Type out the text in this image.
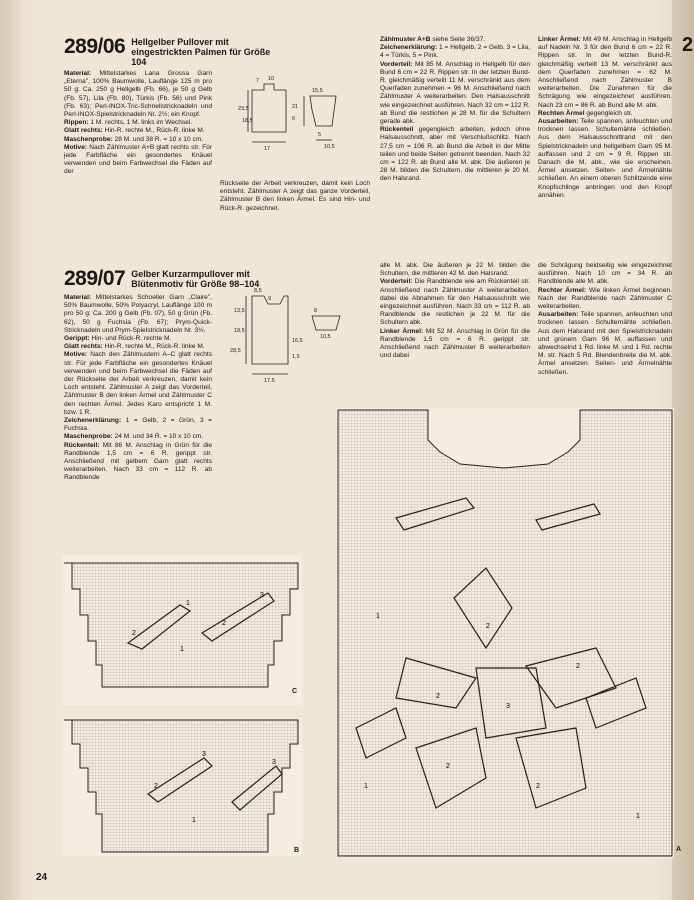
2
289/06 Hellgelber Pullover mit eingestrickten Palmen für Größe 104

Material: Mittelstarkes Lana Grossa Garn „Eterna", 100% Baumwolle, Lauflänge 125 m pro 50 g: Ca. 250 g Hellgelb (Fb. 66), je 50 g Gelb (Fb. 57), Lila (Fb. 80), Türkis (Fb. 56) und Pink (Fb. 63); Perl-INOX-Tric-Schnellstricknadeln und Perl-INOX-Spielstricknadeln Nr. 2½; ein Knopf.

Rippen: 1 M. rechts, 1 M. links im Wechsel.

Glatt rechts: Hin-R. rechte M., Rück-R. linke M.

Maschenprobe: 28 M. und 38 R. = 10 x 10 cm.

Motive: Nach Zählmuster A+B glatt rechts str. Für jede Farbfläche ein gesondertes Knäuel verwenden und beim Farbwechsel die Fäden auf der

7 10
15,5
23,5
18,5
21
6
17
5
10,5

Rückseite der Arbeit verkreuzen, damit kein Loch entsteht. Zählmuster A zeigt das ganze Vorderteil, Zählmuster B den linken Ärmel. Es sind Hin- und Rück-R. gezeichnet.

Zählmuster A+B siehe Seite 36/37.

Zeichenerklärung: 1 = Hellgelb, 2 = Gelb, 3 = Lila, 4 = Türkis, 5 = Pink.

Vorderteil: Mit 85 M. Anschlag in Hellgelb für den Bund 6 cm = 22 R. Rippen str. In der letzten Bund-R. gleichmäßig verteilt 11 M. verschränkt aus dem Querfaden zunehmen = 96 M. Anschließend nach Zählmuster A weiterarbeiten. Den Halsausschnitt wie eingezeichnet ausführen. Nach 32 cm = 122 R. ab Bund die restlichen je 28 M. für die Schultern gerade abk.

Rückenteil gegengleich arbeiten, jedoch ohne Halsausschnitt, aber mit Verschlußschlitz. Nach 27,5 cm = 106 R. ab Bund die Arbeit in der Mitte teilen und beide Seiten getrennt beenden. Nach 32 cm = 122 R. ab Bund alle M. abk. Die äußeren je 28 M. bilden die Schultern, die mittleren je 20 M. den Halsrand.

Linker Ärmel: Mit 49 M. Anschlag in Hellgelb auf Nadeln Nr. 3 für den Bund 6 cm = 22 R. Rippen str. In der letzten Bund-R. gleichmäßig verteilt 13 M. verschränkt aus dem Querfaden zunehmen = 62 M. Anschließend nach Zählmuster B weiterarbeiten. Die Zunahmen für die Schrägung wie eingezeichnet ausführen. Nach 23 cm = 86 R. ab Bund alle M. abk.

Rechten Ärmel gegengleich str.

Ausarbeiten: Teile spannen, anfeuchten und trocknen lassen. Schulternähte schließen. Aus dem Halsausschnittrand mit den Spielstricknadeln und hellgelbem Garn 95 M. auffassen und 2 cm = 9 R. Rippen str. Danach die M. abk., wie sie erscheinen. Ärmel ansetzen. Seiten- und Ärmelnähte schließen. An einem oberen Schlitzende eine Knopfschlinge anbringen und den Knopf annähen.

289/07 Gelber Kurzarmpullover mit Blütenmotiv für Größe 98–104

Material: Mittelstarkes Schoeller Garn „Claire", 50% Baumwolle, 50% Polyacryl, Lauflänge 100 m pro 50 g: Ca. 200 g Gelb (Fb. 07), 50 g Grün (Fb. 62), 50 g Fuchsia (Fb. 67); Prym-Quick-Stricknadeln und Prym-Spielstricknadeln Nr. 3½.

Gerippt: Hin- und Rück-R. rechte M.

Glatt rechts: Hin-R. rechte M., Rück-R. linke M.

Motive: Nach den Zählmustern A–C glatt rechts str. Für jede Farbfläche ein gesondertes Knäuel verwenden und beim Farbwechsel die Fäden auf der Rückseite der Arbeit verkreuzen, damit kein Loch entsteht. Zählmuster A zeigt das Vorderteil, Zählmuster B den linken Ärmel und Zählmuster C den rechten Ärmel. Jedes Karo entspricht 1 M. bzw. 1 R.

Zeichenerklärung: 1 = Gelb, 2 = Grün, 3 = Fuchsia.

Maschenprobe: 24 M. und 34 R. = 10 x 10 cm.

Rückenteil: Mit 86 M. Anschlag in Grün für die Randblende 1,5 cm = 6 R. gerippt str. Anschließend mit gelbem Garn glatt rechts weiterarbeiten. Nach 33 cm = 112 R. ab Randblende

8,5
9
13,5
18,5
8
28,5
16,5
1,5
17,5
10,5

alle M. abk. Die äußeren je 22 M. bilden die Schultern, die mittleren 42 M. den Halsrand.

Vorderteil: Die Randblende wie am Rückenteil str. Anschließend nach Zählmuster A weiterarbeiten, dabei die Abnahmen für den Halsausschnitt wie eingezeichnet ausführen. Nach 33 cm = 112 R. ab Randblende die restlichen je 22 M. für die Schultern abk.

Linker Ärmel: Mit 52 M. Anschlag in Grün für die Randblende 1,5 cm = 6 R. gerippt str. Anschließend nach Zählmuster B weiterarbeiten und dabei

die Schrägung beidseitig wie eingezeichnet ausführen. Nach 10 cm = 34 R. ab Randblende alle M. abk.

Rechter Ärmel: Wie linken Ärmel beginnen. Nach der Randblende nach Zählmuster C weiterarbeiten.

Ausarbeiten: Teile spannen, anfeuchten und trocknen lassen. Schulternähte schließen. Aus dem Halsrand mit den Spielstricknadeln und grünem Garn 96 M. auffassen und abwechselnd 1 Rd. linke M. und 1 Rd. rechte M. str. Nach 5 Rd. Blendenbreite die M. abk. Ärmel ansetzen. Seiten- und Ärmelnähte schließen.

2
1
3
1
2
C
2
3
3
1
B
1
2
3
2
2
2
2
1
1
A
24
